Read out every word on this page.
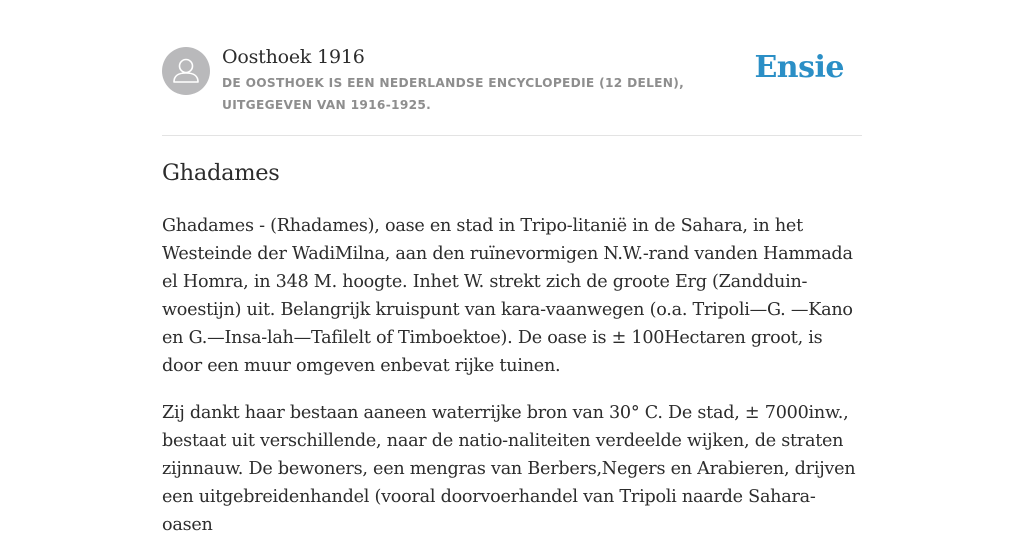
Oosthoek 1916
DE OOSTHOEK IS EEN NEDERLANDSE ENCYCLOPEDIE (12 DELEN), UITGEGEVEN VAN 1916-1925.
Ensie
Ghadames

Ghadames - (Rhadames), oase en stad in Tripo-litanië in de Sahara, in het Westeinde der WadiMilna, aan den ruïnevormigen N.W.-rand vanden Hammada el Homra, in 348 M. hoogte. Inhet W. strekt zich de groote Erg (Zandduin-woestijn) uit. Belangrijk kruispunt van kara-vaanwegen (o.a. Tripoli—G. —Kano en G.—Insa-lah—Tafilelt of Timboektoe). De oase is ± 100Hectaren groot, is door een muur omgeven enbevat rijke tuinen.

Zij dankt haar bestaan aaneen waterrijke bron van 30° C. De stad, ± 7000inw., bestaat uit verschillende, naar de natio-naliteiten verdeelde wijken, de straten zijnnauw. De bewoners, een mengras van Berbers,Negers en Arabieren, drijven een uitgebreidenhandel (vooral doorvoerhandel van Tripoli naarde Sahara-oasen
